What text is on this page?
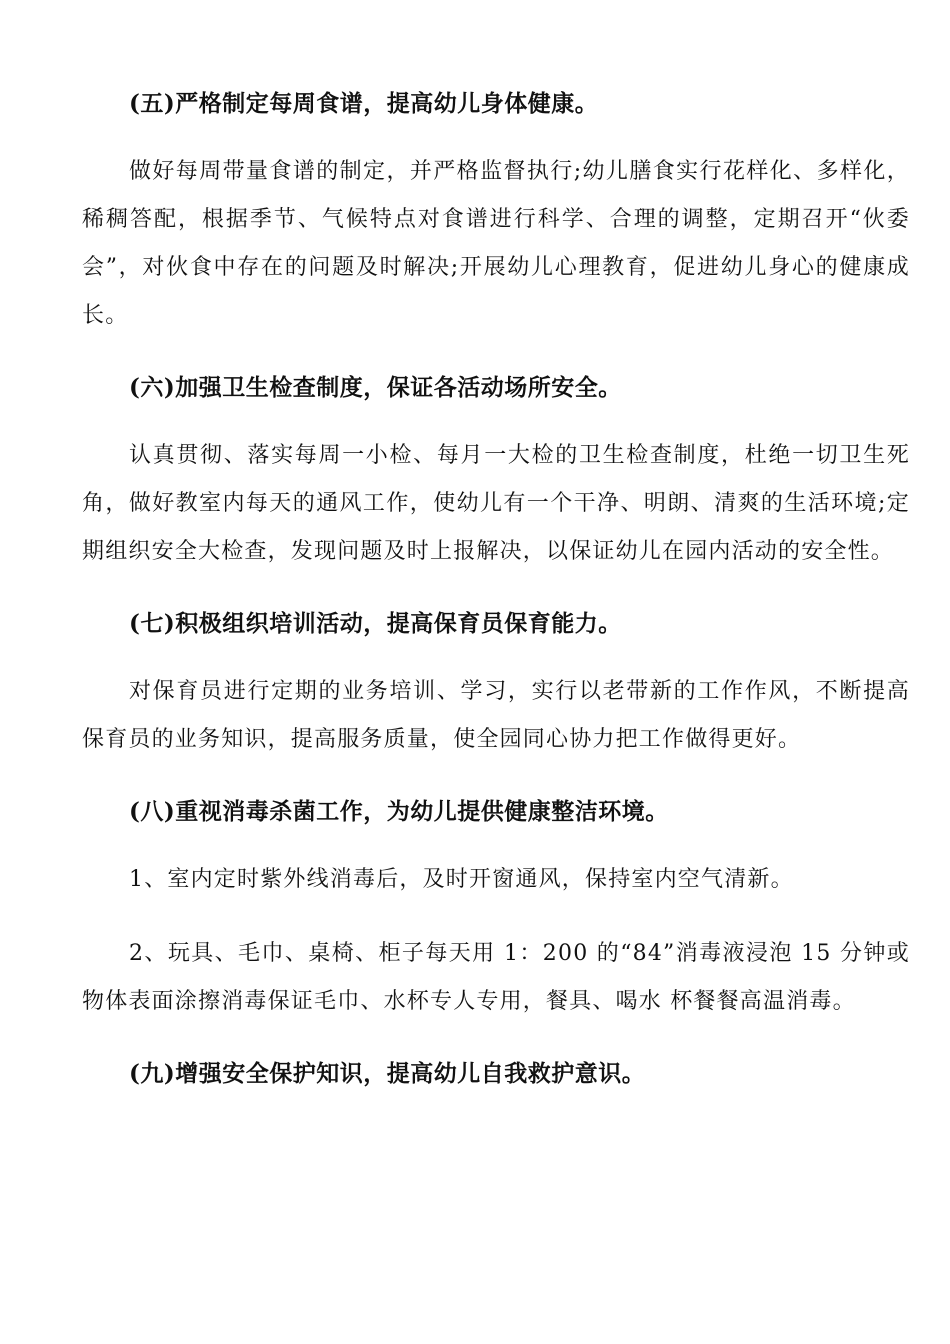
(五)严格制定每周食谱，提高幼儿身体健康。

做好每周带量食谱的制定，并严格监督执行;幼儿膳食实行花样化、多样化，稀稠答配，根据季节、气候特点对食谱进行科学、合理的调整，定期召开“伙委会”，对伙食中存在的问题及时解决;开展幼儿心理教育，促进幼儿身心的健康成长。

(六)加强卫生检查制度，保证各活动场所安全。

认真贯彻、落实每周一小检、每月一大检的卫生检查制度，杜绝一切卫生死角，做好教室内每天的通风工作，使幼儿有一个干净、明朗、清爽的生活环境;定期组织安全大检查，发现问题及时上报解决，以保证幼儿在园内活动的安全性。

(七)积极组织培训活动，提高保育员保育能力。

对保育员进行定期的业务培训、学习，实行以老带新的工作作风，不断提高保育员的业务知识，提高服务质量，使全园同心协力把工作做得更好。

(八)重视消毒杀菌工作，为幼儿提供健康整洁环境。

1、室内定时紫外线消毒后，及时开窗通风，保持室内空气清新。

2、玩具、毛巾、桌椅、柜子每天用 1：200 的“84”消毒液浸泡 15 分钟或物体表面涂擦消毒保证毛巾、水杯专人专用，餐具、喝水 杯餐餐高温消毒。

(九)增强安全保护知识，提高幼儿自我救护意识。
